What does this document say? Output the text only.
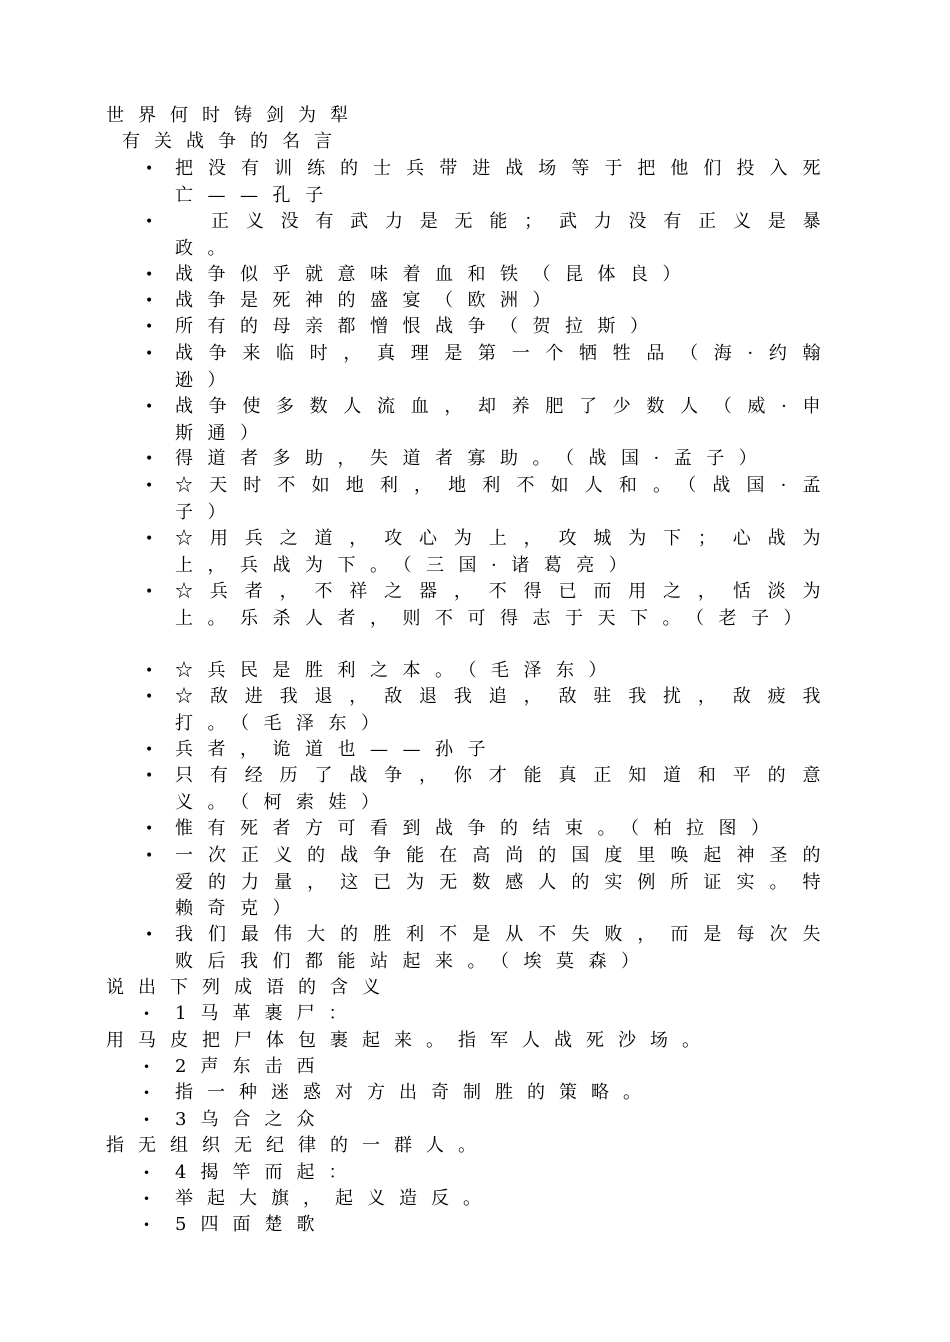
世界何时铸剑为犁
有关战争的名言
• 把没有训练的士兵带进战场等于把他们投入死亡——孔子
•	正义没有武力是无能；武力没有正义是暴政。
• 战争似乎就意味着血和铁（昆体良）
• 战争是死神的盛宴（欧洲）
• 所有的母亲都憎恨战争（贺拉斯）
• 战争来临时，真理是第一个牺牲品（海·约翰逊）
• 战争使多数人流血，却养肥了少数人（威·申斯通）
• 得道者多助，失道者寡助。（战国·孟子）
• ☆天时不如地利，地利不如人和。（战国·孟子）
• ☆用兵之道，攻心为上，攻城为下；心战为上，兵战为下。（三国·诸葛亮）
• ☆兵者，不祥之器，不得已而用之，恬淡为上。乐杀人者，则不可得志于天下。（老子）
• ☆兵民是胜利之本。（毛泽东）
• ☆敌进我退，敌退我追，敌驻我扰，敌疲我打。（毛泽东）
• 兵者，诡道也——孙子
• 只有经历了战争，你才能真正知道和平的意义。（柯索娃）
• 惟有死者方可看到战争的结束。（柏拉图）
• 一次正义的战争能在高尚的国度里唤起神圣的爱的力量，这已为无数感人的实例所证实。特赖奇克）
• 我们最伟大的胜利不是从不失败，而是每次失败后我们都能站起来。（埃莫森）
说出下列成语的含义
• 1马革裹尸：
用马皮把尸体包裹起来。指军人战死沙场。
• 2声东击西
• 指一种迷惑对方出奇制胜的策略。
• 3乌合之众
指无组织无纪律的一群人。
• 4揭竿而起：
• 举起大旗，起义造反。
• 5四面楚歌
